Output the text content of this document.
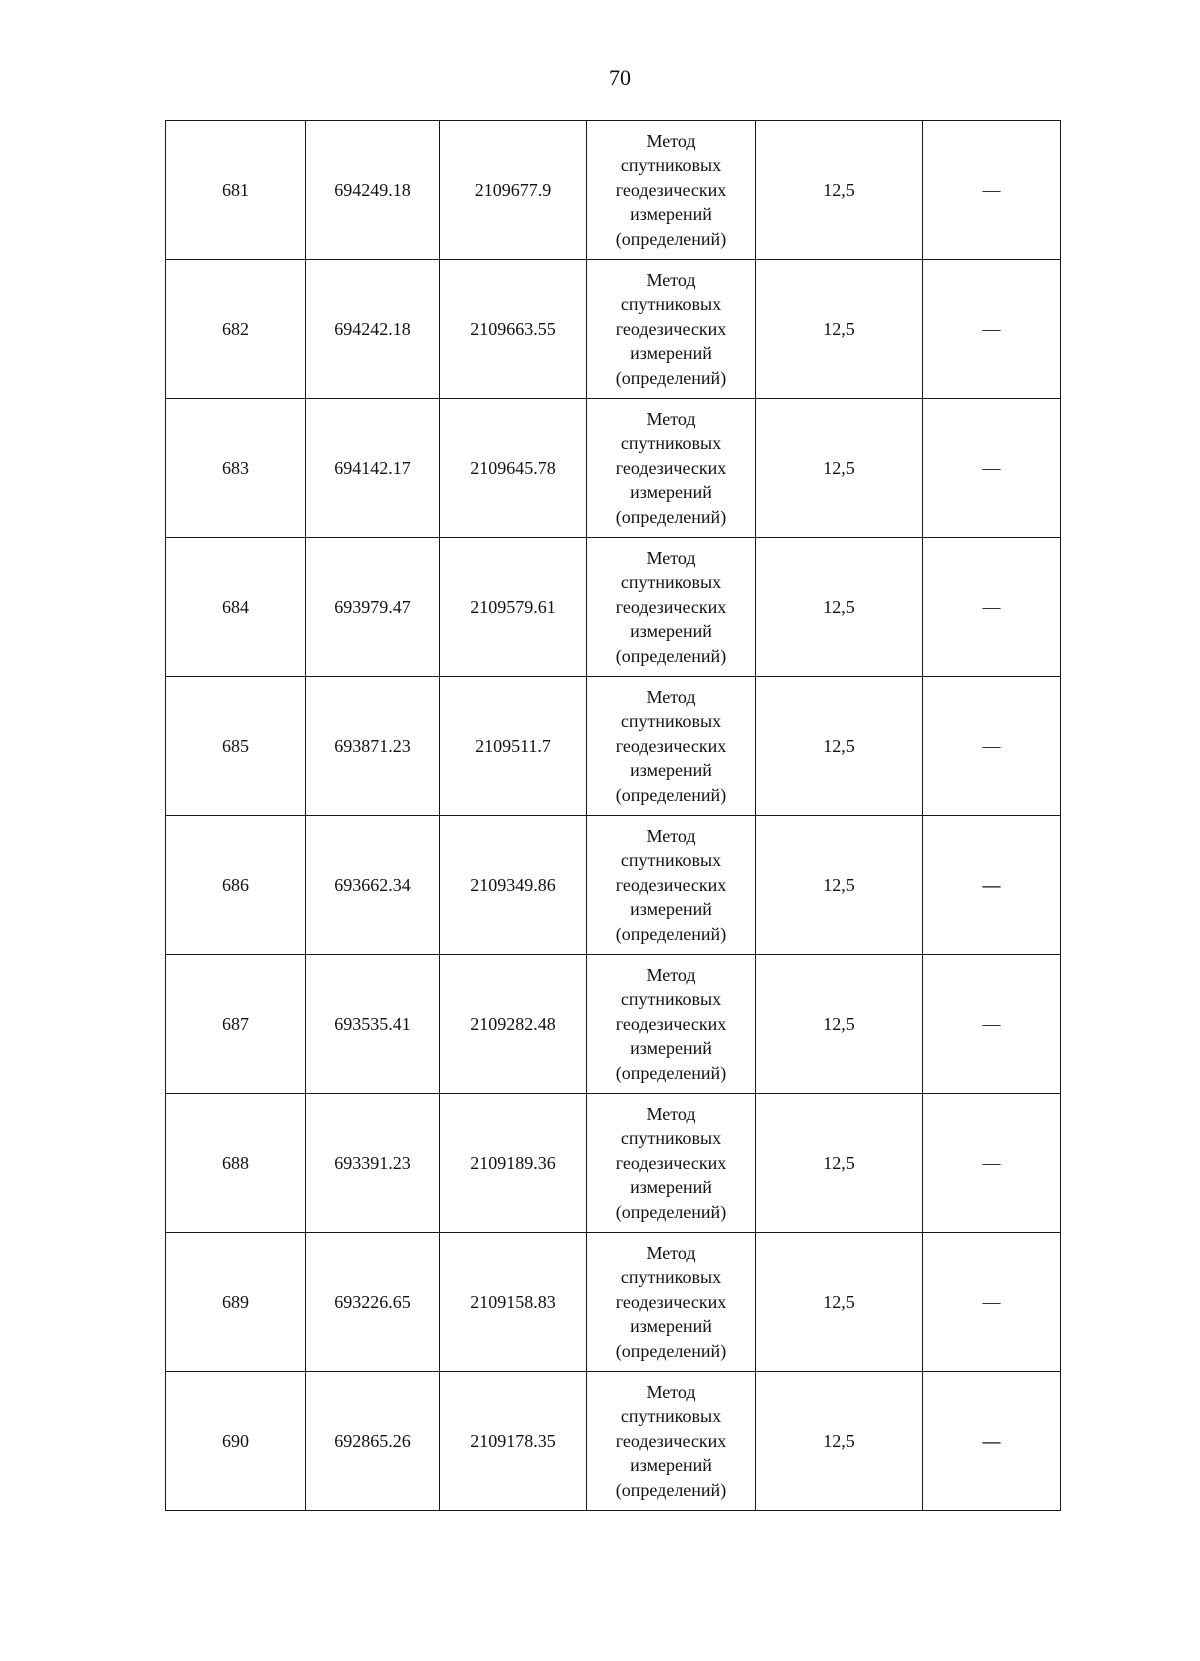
70
681	694249.18	2109677.9	Метод
спутниковых
геодезических
измерений
(определений)	12,5	—
682	694242.18	2109663.55	Метод
спутниковых
геодезических
измерений
(определений)	12,5	—
683	694142.17	2109645.78	Метод
спутниковых
геодезических
измерений
(определений)	12,5	—
684	693979.47	2109579.61	Метод
спутниковых
геодезических
измерений
(определений)	12,5	—
685	693871.23	2109511.7	Метод
спутниковых
геодезических
измерений
(определений)	12,5	—
686	693662.34	2109349.86	Метод
спутниковых
геодезических
измерений
(определений)	12,5	—
687	693535.41	2109282.48	Метод
спутниковых
геодезических
измерений
(определений)	12,5	—
688	693391.23	2109189.36	Метод
спутниковых
геодезических
измерений
(определений)	12,5	—
689	693226.65	2109158.83	Метод
спутниковых
геодезических
измерений
(определений)	12,5	—
690	692865.26	2109178.35	Метод
спутниковых
геодезических
измерений
(определений)	12,5	—
